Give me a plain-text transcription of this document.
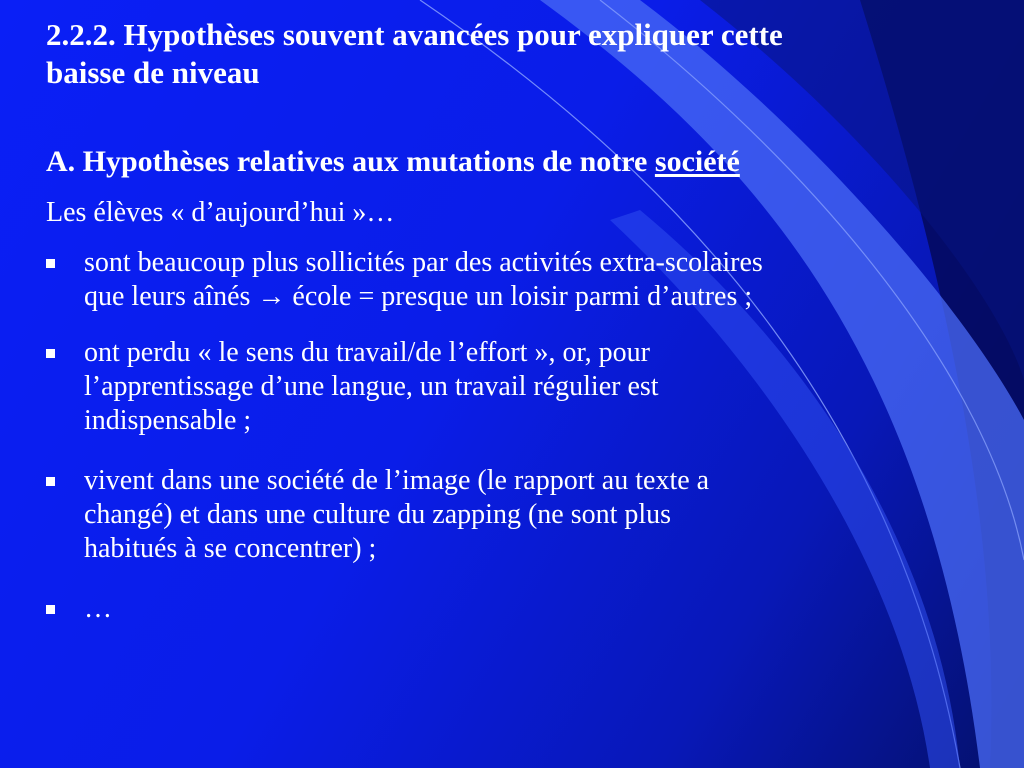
2.2.2. Hypothèses souvent avancées pour expliquer cette
baisse de niveau
A. Hypothèses relatives aux mutations de notre société

Les élèves « d’aujourd’hui »…

sont beaucoup plus sollicités par des activités extra-scolaires
que leurs aînés → école = presque un loisir parmi d’autres ;
ont perdu « le sens du travail/de l’effort », or, pour
l’apprentissage d’une langue, un travail régulier est
indispensable ;
vivent dans une société de l’image (le rapport au texte a
changé) et dans une culture du zapping (ne sont plus
habitués à se concentrer) ;
…
